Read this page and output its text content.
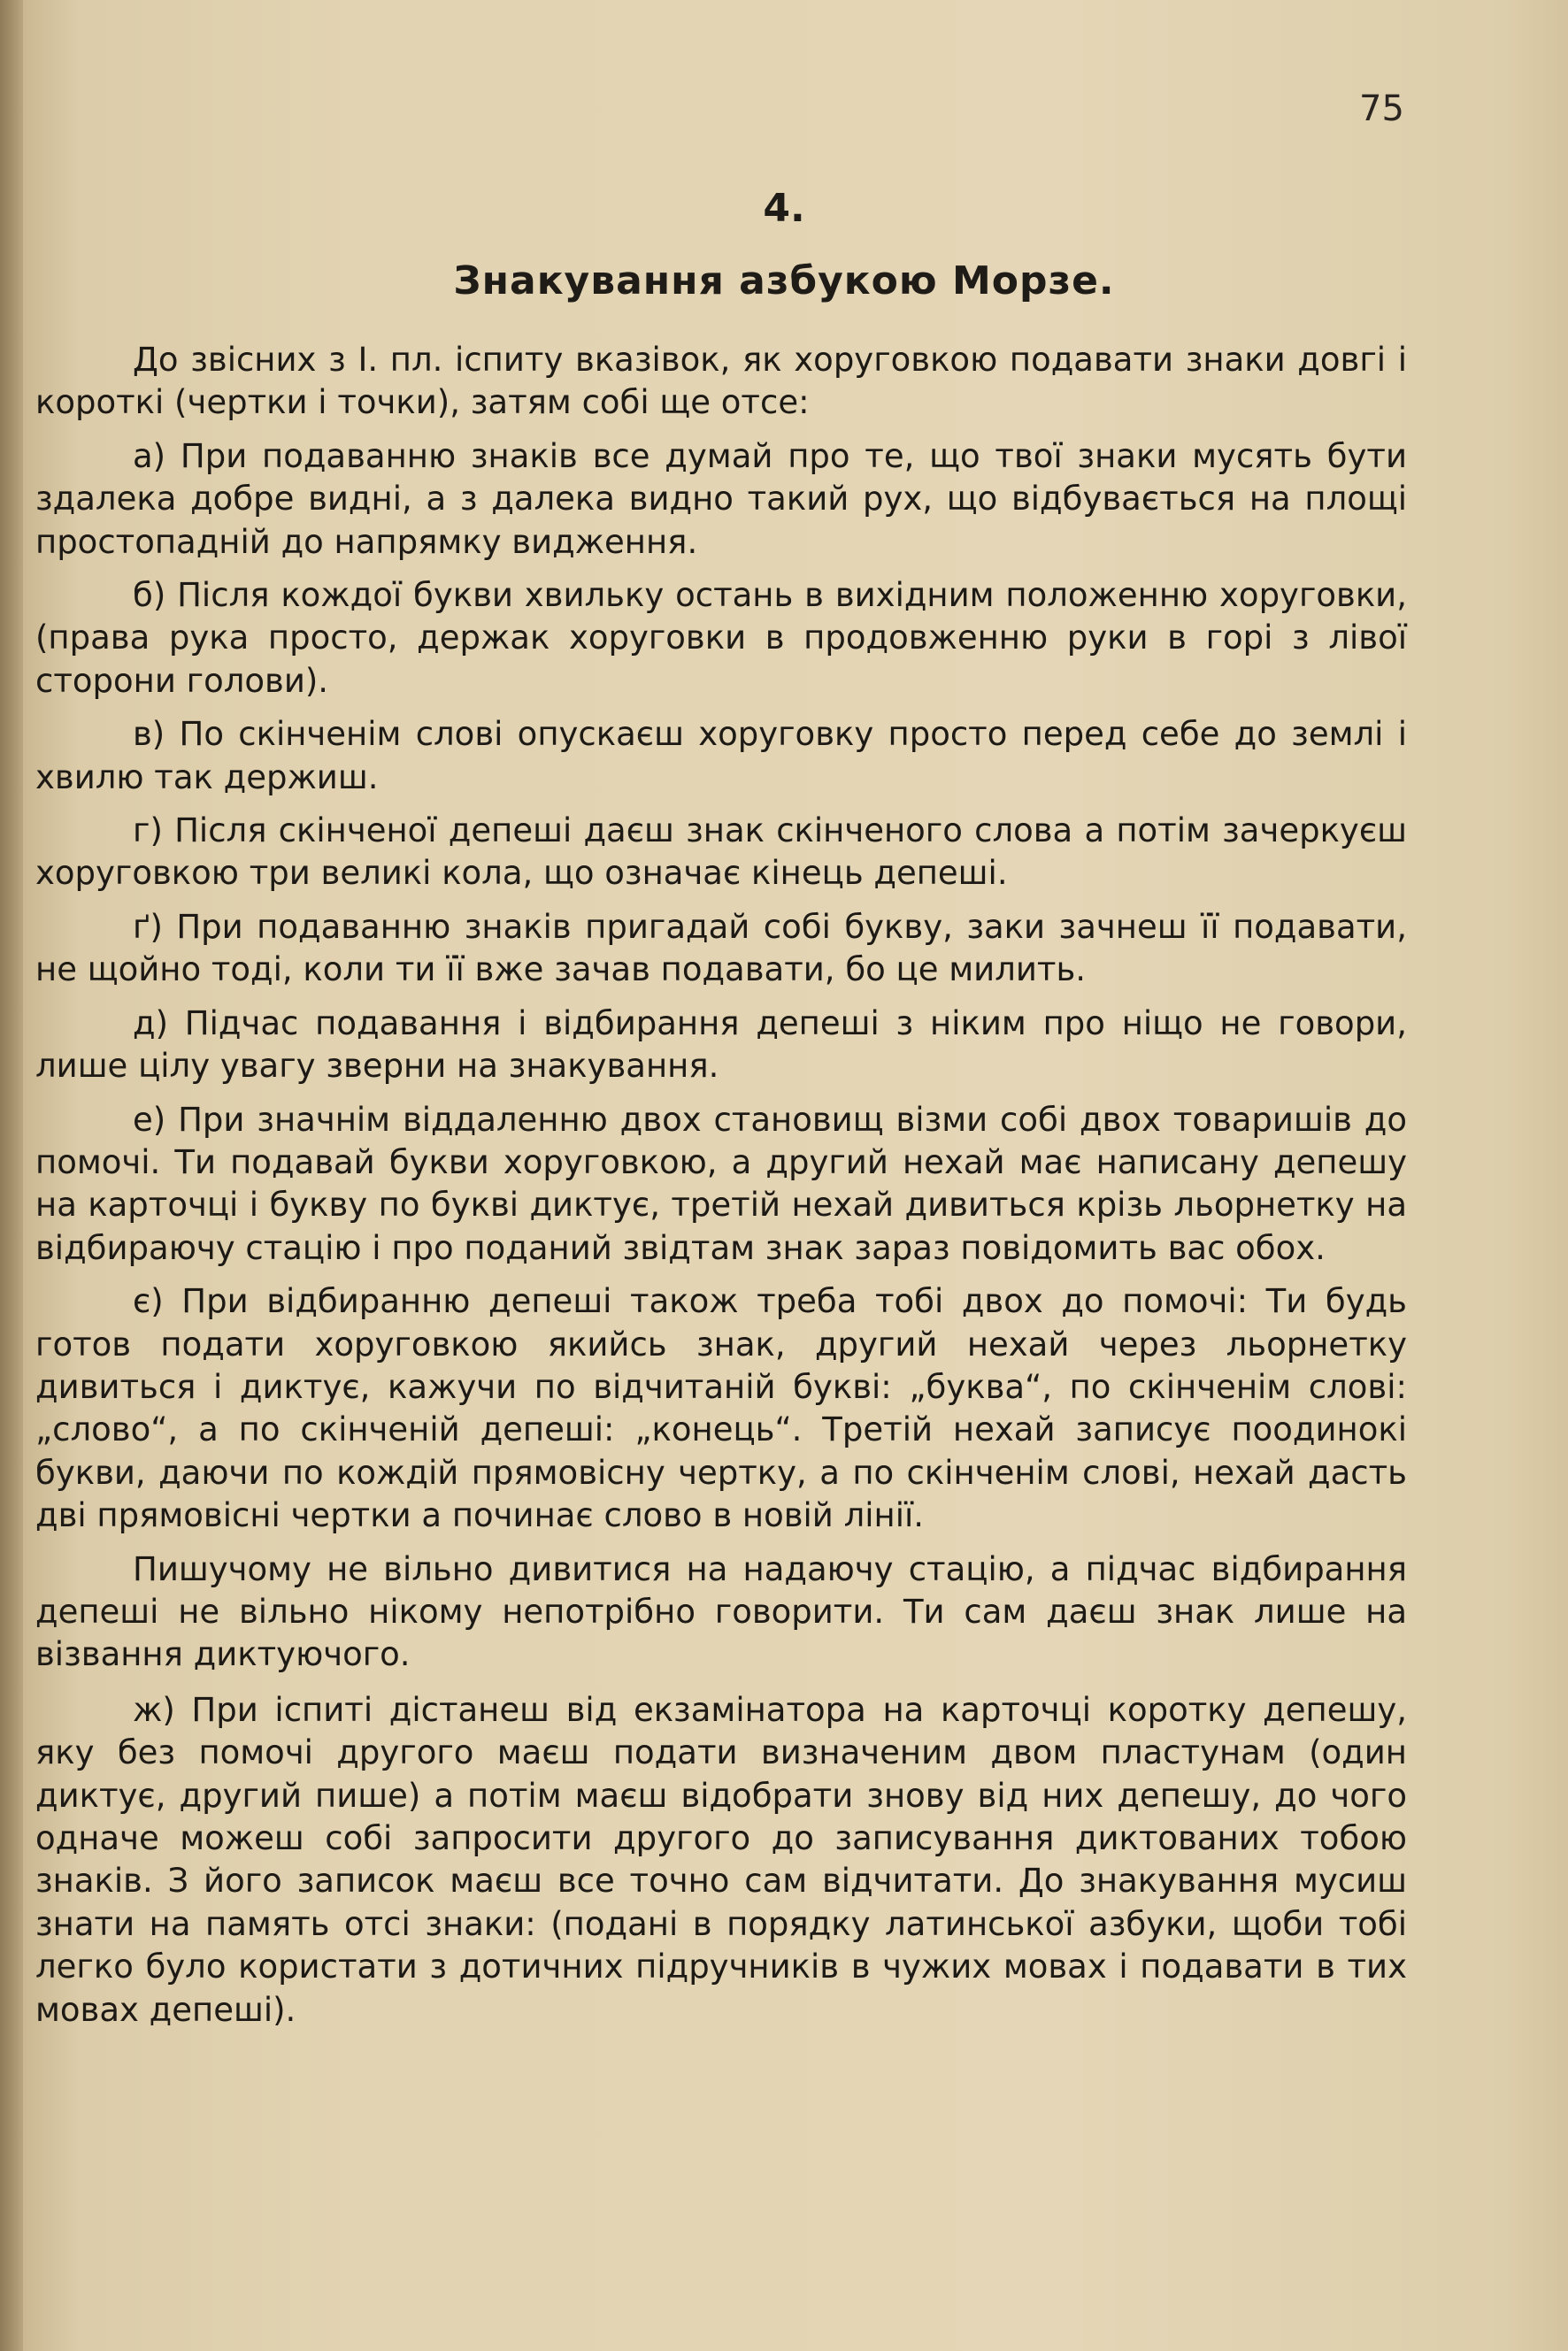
75

4.

Знакування азбукою Морзе.

До звісних з І. пл. іспиту вказівок, як хоруговкою подавати знаки довгі і короткі (чертки і точки), затям собі ще отсе:

а) При подаванню знаків все думай про те, що твої знаки мусять бути здалека добре видні, а з далека видно такий рух, що відбувається на площі простопадній до напрямку видження.

б) Після кождої букви хвильку остань в вихідним положенню хоруговки, (права рука просто, держак хоруговки в продовженню руки в горі з лівої сторони голови).

в) По скінченім слові опускаєш хоруговку просто перед себе до землі і хвилю так держиш.

г) Після скінченої депеші даєш знак скінченого слова а потім зачеркуєш хоруговкою три великі кола, що означає кінець депеші.

ґ) При подаванню знаків пригадай собі букву, заки зачнеш її подавати, не щойно тоді, коли ти її вже зачав подавати, бо це милить.

д) Підчас подавання і відбирання депеші з ніким про ніщо не говори, лише цілу увагу зверни на знакування.

е) При значнім віддаленню двох становищ візми собі двох товаришів до помочі. Ти подавай букви хоруговкою, а другий нехай має написану депешу на карточці і букву по букві диктує, третій нехай дивиться крізь льорнетку на відбираючу стацію і про поданий звідтам знак зараз повідомить вас обох.

є) При відбиранню депеші також треба тобі двох до помочі: Ти будь готов подати хоруговкою якийсь знак, другий нехай через льорнетку дивиться і диктує, кажучи по відчитаній букві: „буква“, по скінченім слові: „слово“, а по скінченій депеші: „конець“. Третій нехай записує поодинокі букви, даючи по кождій прямовісну чертку, а по скінченім слові, нехай дасть дві прямовісні чертки а починає слово в новій лінії.

Пишучому не вільно дивитися на надаючу стацію, а підчас відбирання депеші не вільно нікому непотрібно говорити. Ти сам даєш знак лише на візвання диктуючого.

ж) При іспиті дістанеш від екзамінатора на карточці коротку депешу, яку без помочі другого маєш подати визначеним двом пластунам (один диктує, другий пише) а потім маєш відобрати знову від них депешу, до чого одначе можеш собі запросити другого до записування диктованих тобою знаків. З його записок маєш все точно сам відчитати. До знакування мусиш знати на память отсі знаки: (подані в порядку латинської азбуки, щоби тобі легко було користати з дотичних підручників в чужих мовах і подавати в тих мовах депеші).
